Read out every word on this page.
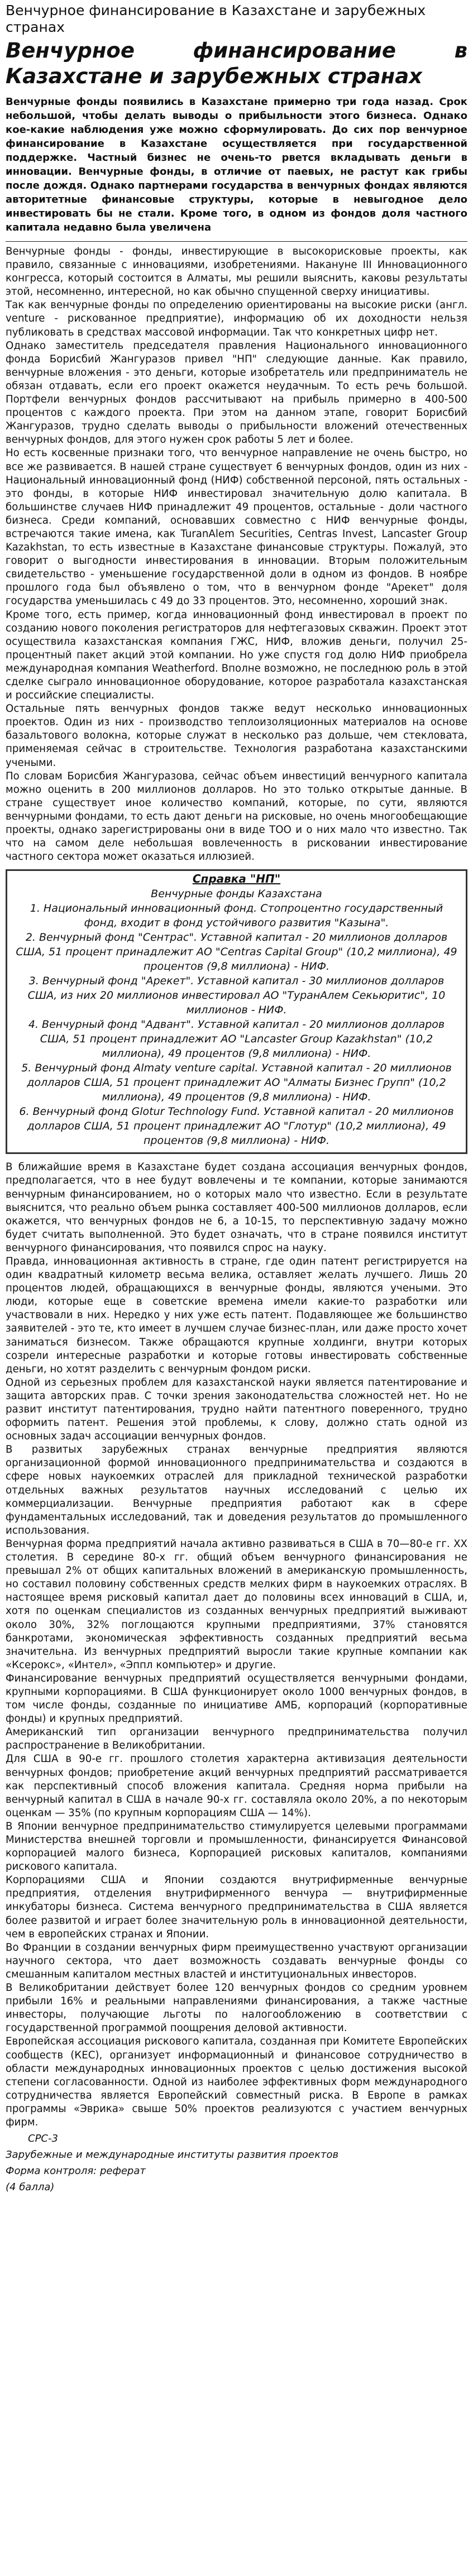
Венчурное финансирование в Казахстане и зарубежных странах
Венчурное финансирование в Казахстане и зарубежных странах

Венчурные фонды появились в Казахстане примерно три года назад. Срок небольшой, чтобы делать выводы о прибыльности этого бизнеса. Однако кое-какие наблюдения уже можно сформулировать. До сих пор венчурное финансирование в Казахстане осуществляется при государственной поддержке. Частный бизнес не очень-то рвется вкладывать деньги в инновации. Венчурные фонды, в отличие от паевых, не растут как грибы после дождя. Однако партнерами государства в венчурных фондах являются авторитетные финансовые структуры, которые в невыгодное дело инвестировать бы не стали. Кроме того, в одном из фондов доля частного капитала недавно была увеличена

Венчурные фонды - фонды, инвестирующие в высокорисковые проекты, как правило, связанные с инновациями, изобретениями. Накануне III Инновационного конгресса, который состоится в Алматы, мы решили выяснить, каковы результаты этой, несомненно, интересной, но как обычно спущенной сверху инициативы.

Так как венчурные фонды по определению ориентированы на высокие риски (англ. venture - рискованное предприятие), информацию об их доходности нельзя публиковать в средствах массовой информации. Так что конкретных цифр нет.

Однако заместитель председателя правления Национального инновационного фонда Борисбий Жангуразов привел "НП" следующие данные. Как правило, венчурные вложения - это деньги, которые изобретатель или предприниматель не обязан отдавать, если его проект окажется неудачным. То есть речь большой. Портфели венчурных фондов рассчитывают на прибыль примерно в 400-500 процентов с каждого проекта. При этом на данном этапе, говорит Борисбий Жангуразов, трудно сделать выводы о прибыльности вложений отечественных венчурных фондов, для этого нужен срок работы 5 лет и более.

Но есть косвенные признаки того, что венчурное направление не очень быстро, но все же развивается. В нашей стране существует 6 венчурных фондов, один из них - Национальный инновационный фонд (НИФ) собственной персоной, пять остальных - это фонды, в которые НИФ инвестировал значительную долю капитала. В большинстве случаев НИФ принадлежит 49 процентов, остальные - доли частного бизнеса. Среди компаний, основавших совместно с НИФ венчурные фонды, встречаются такие имена, как TuranAlem Securities, Centras Invest, Lancaster Group Kazakhstan, то есть известные в Казахстане финансовые структуры. Пожалуй, это говорит о выгодности инвестирования в инновации. Вторым положительным свидетельство - уменьшение государственной доли в одном из фондов. В ноябре прошлого года был объявлено о том, что в венчурном фонде "Арекет" доля государства уменьшилась с 49 до 33 процентов. Это, несомненно, хороший знак.

Кроме того, есть пример, когда инновационный фонд инвестировал в проект по созданию нового поколения регистраторов для нефтегазовых скважин. Проект этот осуществила казахстанская компания ГЖС, НИФ, вложив деньги, получил 25-процентный пакет акций этой компании. Но уже спустя год долю НИФ приобрела международная компания Weatherford. Вполне возможно, не последнюю роль в этой сделке сыграло инновационное оборудование, которое разработала казахстанская и российские специалисты.

Остальные пять венчурных фондов также ведут несколько инновационных проектов. Один из них - производство теплоизоляционных материалов на основе базальтового волокна, которые служат в несколько раз дольше, чем стекловата, применяемая сейчас в строительстве. Технология разработана казахстанскими учеными.

По словам Борисбия Жангуразова, сейчас объем инвестиций венчурного капитала можно оценить в 200 миллионов долларов. Но это только открытые данные. В стране существует иное количество компаний, которые, по сути, являются венчурными фондами, то есть дают деньги на рисковые, но очень многообещающие проекты, однако зарегистрированы они в виде ТОО и о них мало что известно. Так что на самом деле небольшая вовлеченность в рисковании инвестирование частного сектора может оказаться иллюзией.

Справка "НП"
Венчурные фонды Казахстана
1. Национальный инновационный фонд. Стопроцентно государственный фонд, входит в фонд устойчивого развития "Казына".
2. Венчурный фонд "Сентрас". Уставной капитал - 20 миллионов долларов США, 51 процент принадлежит АО "Centras Capital Group" (10,2 миллиона), 49 процентов (9,8 миллиона) - НИФ.
3. Венчурный фонд "Арекет". Уставной капитал - 30 миллионов долларов США, из них 20 миллионов инвестировал АО "ТуранАлем Секьюритис", 10 миллионов - НИФ.
4. Венчурный фонд "Адвант". Уставной капитал - 20 миллионов долларов США, 51 процент принадлежит АО "Lancaster Group Kazakhstan" (10,2 миллиона), 49 процентов (9,8 миллиона) - НИФ.
5. Венчурный фонд Almaty venture capital. Уставной капитал - 20 миллионов долларов США, 51 процент принадлежит АО "Алматы Бизнес Групп" (10,2 миллиона), 49 процентов (9,8 миллиона) - НИФ.
6. Венчурный фонд Glotur Technology Fund. Уставной капитал - 20 миллионов долларов США, 51 процент принадлежит АО "Глотур" (10,2 миллиона), 49 процентов (9,8 миллиона) - НИФ.

В ближайшие время в Казахстане будет создана ассоциация венчурных фондов, предполагается, что в нее будут вовлечены и те компании, которые занимаются венчурным финансированием, но о которых мало что известно. Если в результате выяснится, что реально объем рынка составляет 400-500 миллионов долларов, если окажется, что венчурных фондов не 6, а 10-15, то перспективную задачу можно будет считать выполненной. Это будет означать, что в стране появился институт венчурного финансирования, что появился спрос на науку.

Правда, инновационная активность в стране, где один патент регистрируется на один квадратный километр весьма велика, оставляет желать лучшего. Лишь 20 процентов людей, обращающихся в венчурные фонды, являются учеными. Это люди, которые еще в советские времена имели какие-то разработки или участвовали в них. Нередко у них уже есть патент. Подавляющее же большинство заявителей - это те, кто имеет в лучшем случае бизнес-план, или даже просто хочет заниматься бизнесом. Также обращаются крупные холдинги, внутри которых созрели интересные разработки и которые готовы инвестировать собственные деньги, но хотят разделить с венчурным фондом риски.

Одной из серьезных проблем для казахстанской науки является патентирование и защита авторских прав. С точки зрения законодательства сложностей нет. Но не развит институт патентирования, трудно найти патентного поверенного, трудно оформить патент. Решения этой проблемы, к слову, должно стать одной из основных задач ассоциации венчурных фондов.

В развитых зарубежных странах венчурные предприятия являются организационной формой инновационного предпринимательства и создаются в сфере новых наукоемких отраслей для прикладной технической разработки отдельных важных результатов научных исследований с целью их коммерциализации. Венчурные предприятия работают как в сфере фундаментальных исследований, так и доведения результатов до промышленного использования.

Венчурная форма предприятий начала активно развиваться в США в 70—80-е гг. XX столетия. В середине 80-х гг. общий объем венчурного финансирования не превышал 2% от общих капитальных вложений в американскую промышленность, но составил половину собственных средств мелких фирм в наукоемких отраслях. В настоящее время рисковый капитал дает до половины всех инноваций в США, и, хотя по оценкам специалистов из созданных венчурных предприятий выживают около 30%, 32% поглощаются крупными предприятиями, 37% становятся банкротами, экономическая эффективность созданных предприятий весьма значительна. Из венчурных предприятий выросли такие крупные компании как «Ксерокс», «Интел», «Эппл компьютер» и другие.

Финансирование венчурных предприятий осуществляется венчурными фондами, крупными корпорациями. В США функционирует около 1000 венчурных фондов, в том числе фонды, созданные по инициативе АМБ, корпораций (корпоративные фонды) и крупных предприятий.

Американский тип организации венчурного предпринимательства получил распространение в Великобритании.

Для США в 90-е гг. прошлого столетия характерна активизация деятельности венчурных фондов; приобретение акций венчурных предприятий рассматривается как перспективный способ вложения капитала. Средняя норма прибыли на венчурный капитал в США в начале 90-х гг. составляла около 20%, а по некоторым оценкам — 35% (по крупным корпорациям США — 14%).

В Японии венчурное предпринимательство стимулируется целевыми программами Министерства внешней торговли и промышленности, финансируется Финансовой корпорацией малого бизнеса, Корпорацией рисковых капиталов, компаниями рискового капитала.

Корпорациями США и Японии создаются внутрифирменные венчурные предприятия, отделения внутрифирменного венчура — внутрифирменные инкубаторы бизнеса. Система венчурного предпринимательства в США является более развитой и играет более значительную роль в инновационной деятельности, чем в европейских странах и Японии.

Во Франции в создании венчурных фирм преимущественно участвуют организации научного сектора, что дает возможность создавать венчурные фонды со смешанным капиталом местных властей и институциональных инвесторов.

В Великобритании действует более 120 венчурных фондов со средним уровнем прибыли 16% и реальными направлениями финансирования, а также частные инвесторы, получающие льготы по налогообложению в соответствии с государственной программой поощрения деловой активности.

Европейская ассоциация рискового капитала, созданная при Комитете Европейских сообществ (КЕС), организует информационный и финансовое сотрудничество в области международных инновационных проектов с целью достижения высокой степени согласованности. Одной из наиболее эффективных форм международного сотрудничества является Европейский совместный риска. В Европе в рамках программы «Эврика» свыше 50% проектов реализуются с участием венчурных фирм.

СРС-3
Зарубежные и международные институты развития проектов
Форма контроля: реферат
(4 балла)
